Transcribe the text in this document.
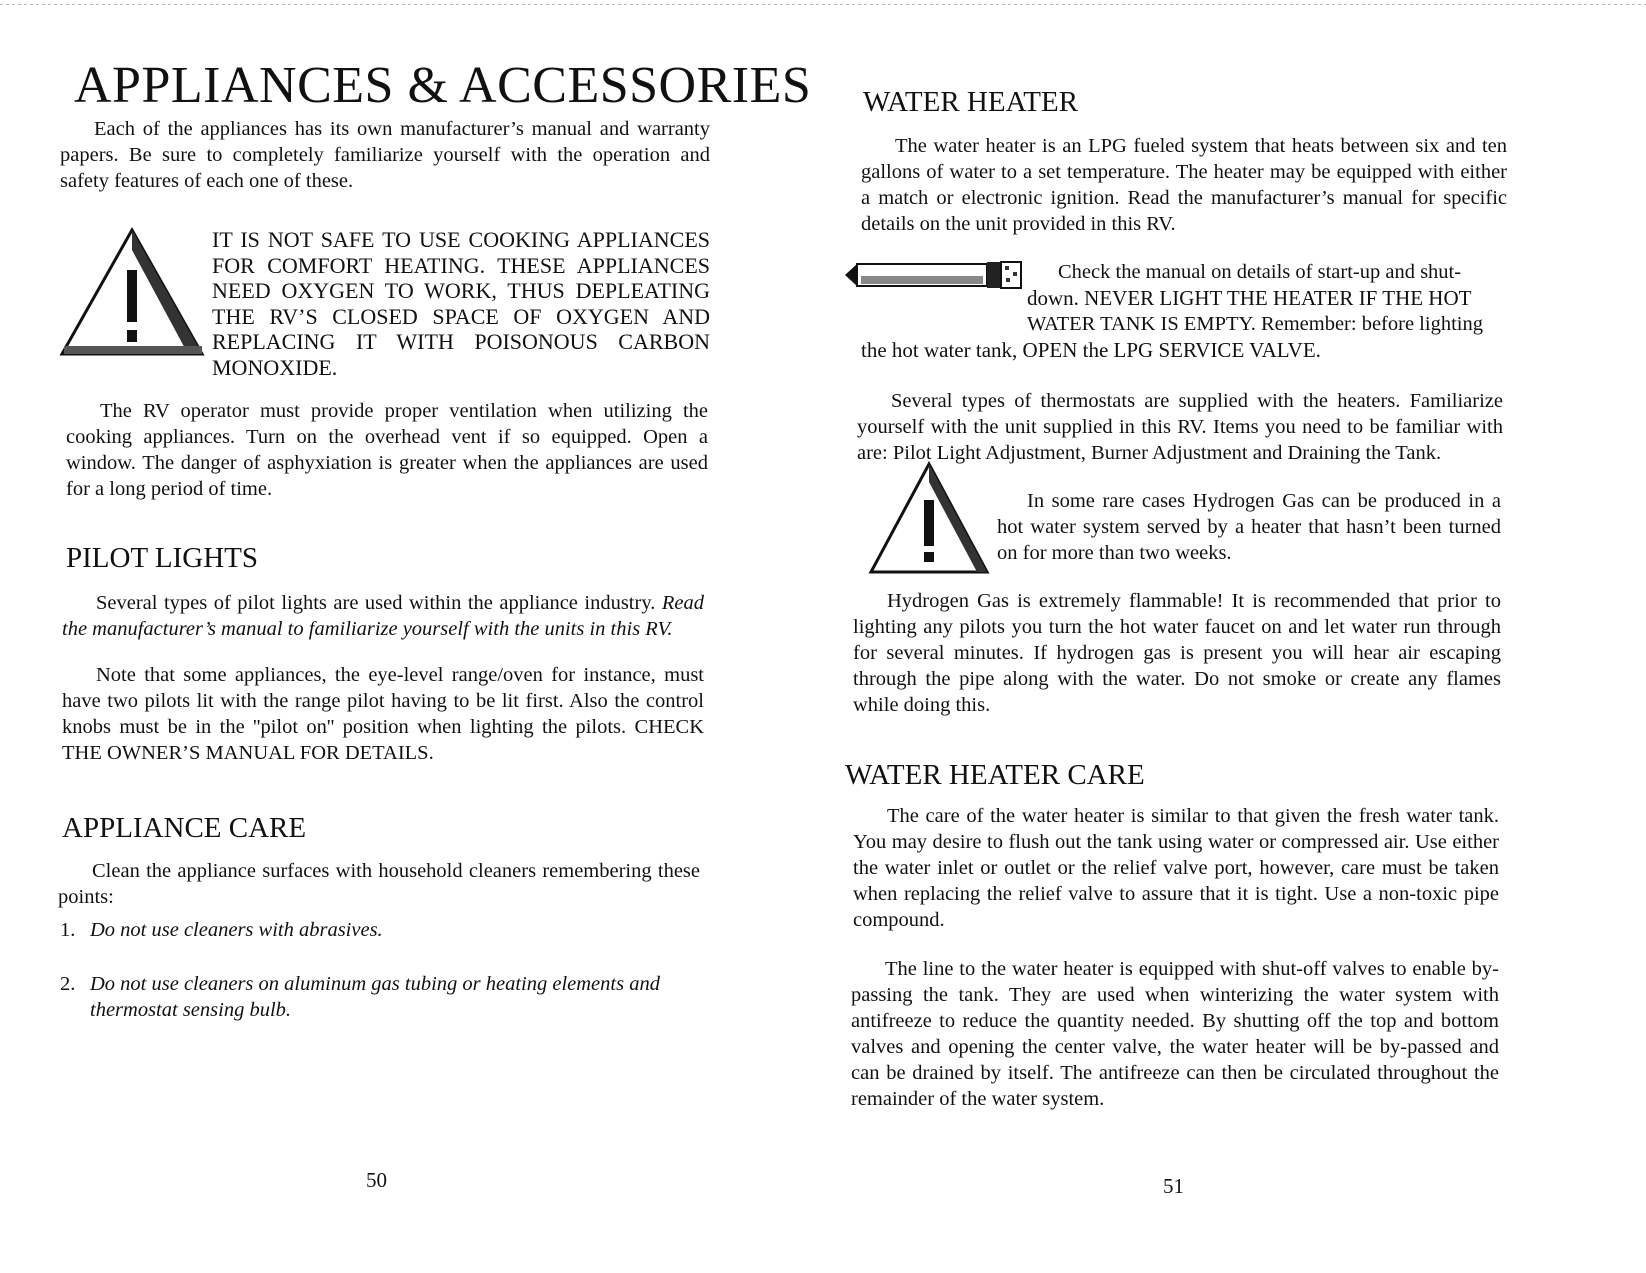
APPLIANCES & ACCESSORIES

Each of the appliances has its own manufacturer’s manual and warranty papers. Be sure to completely familiarize yourself with the operation and safety features of each one of these.

IT IS NOT SAFE TO USE COOKING APPLIANCES FOR COMFORT HEATING. THESE APPLIANCES NEED OXYGEN TO WORK, THUS DEPLEATING THE RV’S CLOSED SPACE OF OXYGEN AND REPLACING IT WITH POISONOUS CARBON MONOXIDE.

The RV operator must provide proper ventilation when utilizing the cooking appliances. Turn on the overhead vent if so equipped. Open a window. The danger of asphyxiation is greater when the appliances are used for a long period of time.

PILOT LIGHTS

Several types of pilot lights are used within the appliance industry. Read the manufacturer’s manual to familiarize yourself with the units in this RV.

Note that some appliances, the eye-level range/oven for instance, must have two pilots lit with the range pilot having to be lit first. Also the control knobs must be in the ''pilot on'' position when lighting the pilots. CHECK THE OWNER’S MANUAL FOR DETAILS.

APPLIANCE CARE

Clean the appliance surfaces with household cleaners remembering these points:

1. Do not use cleaners with abrasives.
2. Do not use cleaners on aluminum gas tubing or heating elements and
thermostat sensing bulb.
50
WATER HEATER

The water heater is an LPG fueled system that heats between six and ten gallons of water to a set temperature. The heater may be equipped with either a match or electronic ignition. Read the manufacturer’s manual for specific details on the unit provided in this RV.

Check the manual on details of start-up and shut-
down. NEVER LIGHT THE HEATER IF THE HOT
WATER TANK IS EMPTY. Remember: before lighting
the hot water tank, OPEN the LPG SERVICE VALVE.

Several types of thermostats are supplied with the heaters. Familiarize yourself with the unit supplied in this RV. Items you need to be familiar with are: Pilot Light Adjustment, Burner Adjustment and Draining the Tank.

In some rare cases Hydrogen Gas can be produced in a hot water system served by a heater that hasn’t been turned on for more than two weeks.

Hydrogen Gas is extremely flammable! It is recommended that prior to lighting any pilots you turn the hot water faucet on and let water run through for several minutes. If hydrogen gas is present you will hear air escaping through the pipe along with the water. Do not smoke or create any flames while doing this.

WATER HEATER CARE

The care of the water heater is similar to that given the fresh water tank. You may desire to flush out the tank using water or compressed air. Use either the water inlet or outlet or the relief valve port, however, care must be taken when replacing the relief valve to assure that it is tight. Use a non-toxic pipe compound.

The line to the water heater is equipped with shut-off valves to enable by-passing the tank. They are used when winterizing the water system with antifreeze to reduce the quantity needed. By shutting off the top and bottom valves and opening the center valve, the water heater will be by-passed and can be drained by itself. The antifreeze can then be circulated throughout the remainder of the water system.

51
